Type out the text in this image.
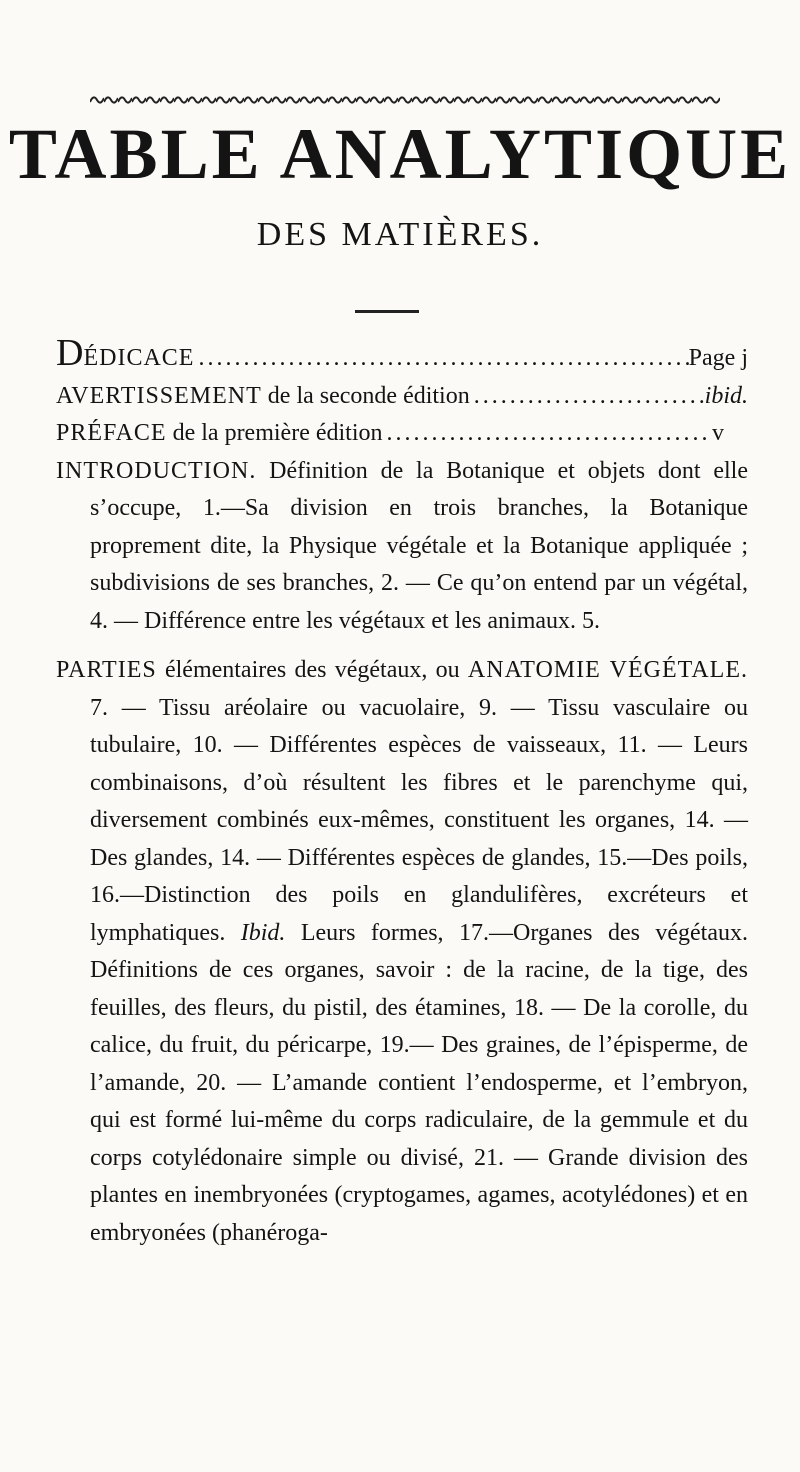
TABLE ANALYTIQUE
DES MATIÈRES.
DÉDICACE .....	Page j
AVERTISSEMENT de la seconde édition .....	ibid.
PRÉFACE de la première édition .....	v

INTRODUCTION. Définition de la Botanique et objets dont elle s’occupe, 1.—Sa division en trois branches, la Botanique proprement dite, la Physique végétale et la Botanique appliquée ; subdivisions de ses branches, 2. — Ce qu’on entend par un végétal, 4. — Différence entre les végétaux et les animaux. 5.

PARTIES élémentaires des végétaux, ou ANATOMIE VÉGÉTALE. 7. — Tissu aréolaire ou vacuolaire, 9. — Tissu vasculaire ou tubulaire, 10. — Différentes espèces de vaisseaux, 11. — Leurs combinaisons, d’où résultent les fibres et le parenchyme qui, diversement combinés eux-mêmes, constituent les organes, 14. — Des glandes, 14. — Différentes espèces de glandes, 15.—Des poils, 16.—Distinction des poils en glandulifères, excréteurs et lymphatiques. Ibid. Leurs formes, 17.—Organes des végétaux. Définitions de ces organes, savoir : de la racine, de la tige, des feuilles, des fleurs, du pistil, des étamines, 18. — De la corolle, du calice, du fruit, du péricarpe, 19.— Des graines, de l’épisperme, de l’amande, 20. — L’amande contient l’endosperme, et l’embryon, qui est formé lui-même du corps radiculaire, de la gemmule et du corps cotylédonaire simple ou divisé, 21. — Grande division des plantes en inembryonées (cryptogames, agames, acotylédones) et en embryonées (phanéroga-
